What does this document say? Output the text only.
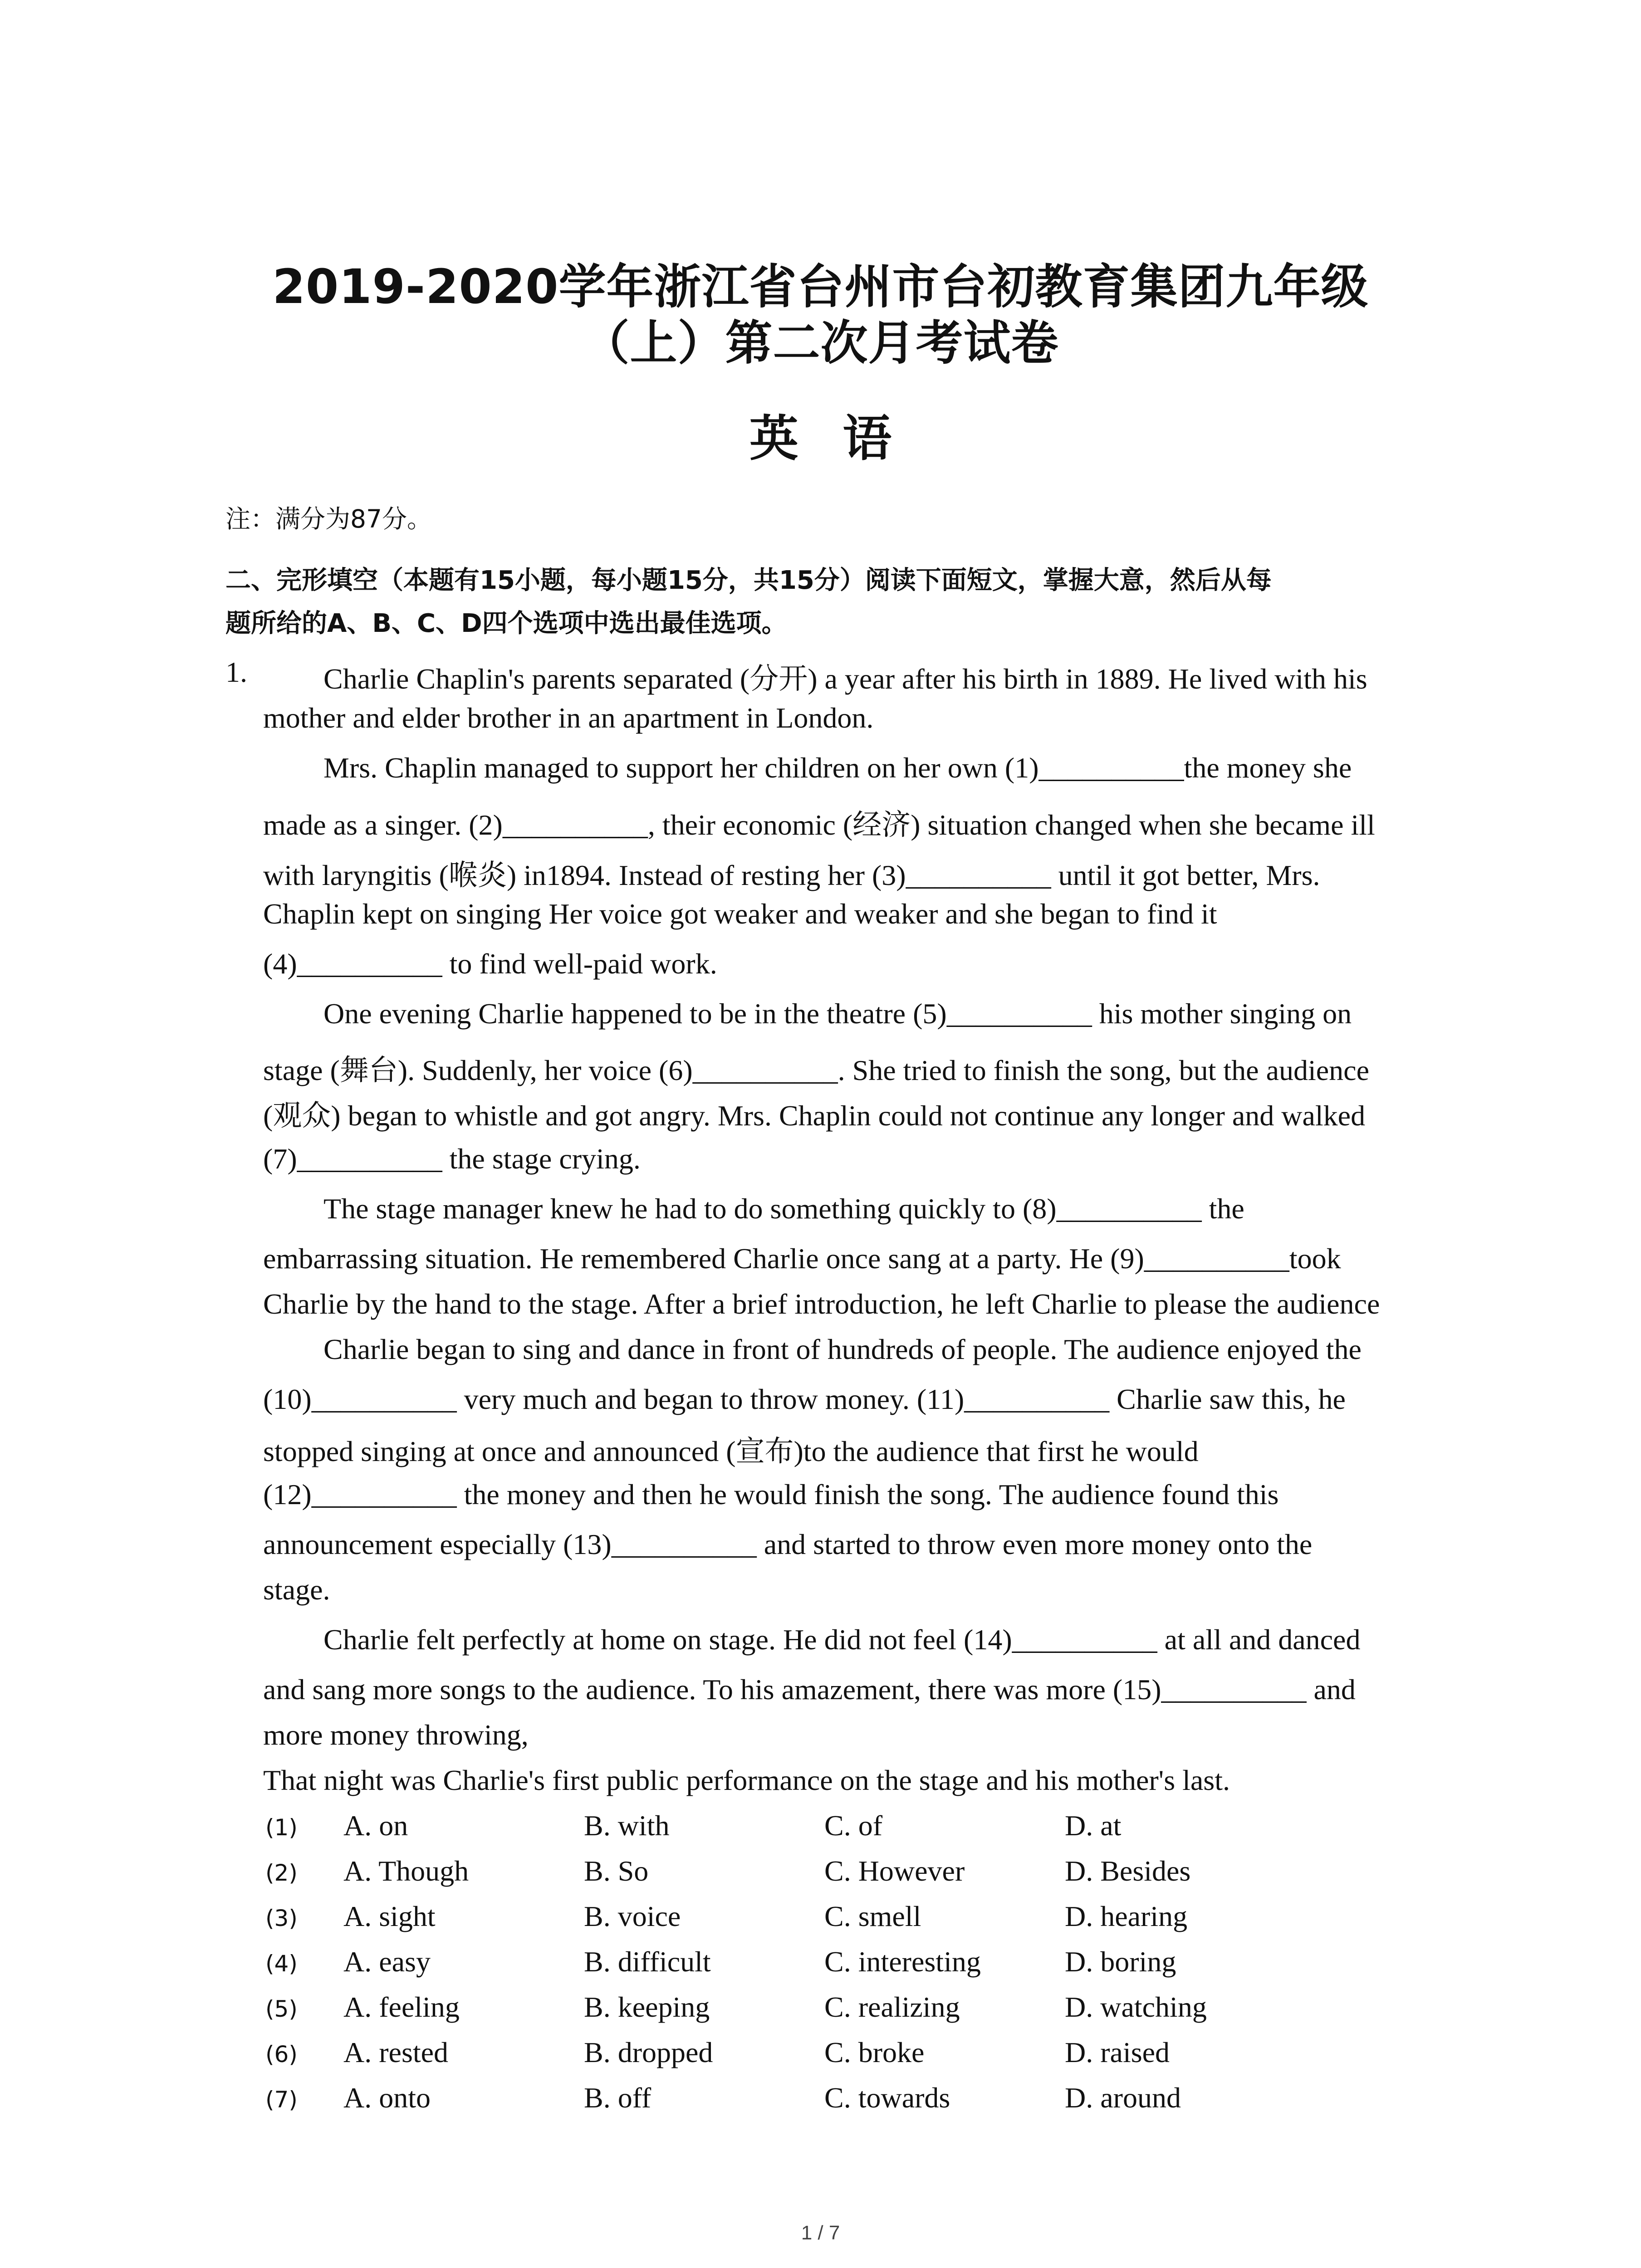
2019-2020学年浙江省台州市台初教育集团九年级
（上）第二次月考试卷
英 语
注：满分为87分。
二、完形填空（本题有15小题，每小题15分，共15分）阅读下面短文，掌握大意，然后从每
题所给的A、B、C、D四个选项中选出最佳选项。
1.	Charlie Chaplin's parents separated (分开) a year after his birth in 1889. He lived with his
mother and elder brother in an apartment in London.
Mrs. Chaplin managed to support her children on her own (1)__________the money she
made as a singer. (2)__________, their economic (经济) situation changed when she became ill
with laryngitis (喉炎) in1894. Instead of resting her (3)__________ until it got better, Mrs.
Chaplin kept on singing Her voice got weaker and weaker and she began to find it
(4)__________ to find well-paid work.
One evening Charlie happened to be in the theatre (5)__________ his mother singing on
stage (舞台). Suddenly, her voice (6)__________. She tried to finish the song, but the audience
(观众) began to whistle and got angry. Mrs. Chaplin could not continue any longer and walked
(7)__________ the stage crying.
The stage manager knew he had to do something quickly to (8)__________ the
embarrassing situation. He remembered Charlie once sang at a party. He (9)__________took
Charlie by the hand to the stage. After a brief introduction, he left Charlie to please the audience
Charlie began to sing and dance in front of hundreds of people. The audience enjoyed the
(10)__________ very much and began to throw money. (11)__________ Charlie saw this, he
stopped singing at once and announced (宣布)to the audience that first he would
(12)__________ the money and then he would finish the song. The audience found this
announcement especially (13)__________ and started to throw even more money onto the
stage.
Charlie felt perfectly at home on stage. He did not feel (14)__________ at all and danced
and sang more songs to the audience. To his amazement, there was more (15)__________ and
more money throwing,
That night was Charlie's first public performance on the stage and his mother's last.
(1) A. on	B. with	C. of	D. at
(2) A. Though	B. So	C. However	D. Besides
(3) A. sight	B. voice	C. smell	D. hearing
(4) A. easy	B. difficult	C. interesting	D. boring
(5) A. feeling	B. keeping	C. realizing	D. watching
(6) A. rested	B. dropped	C. broke	D. raised
(7) A. onto	B. off	C. towards	D. around
1 / 7
